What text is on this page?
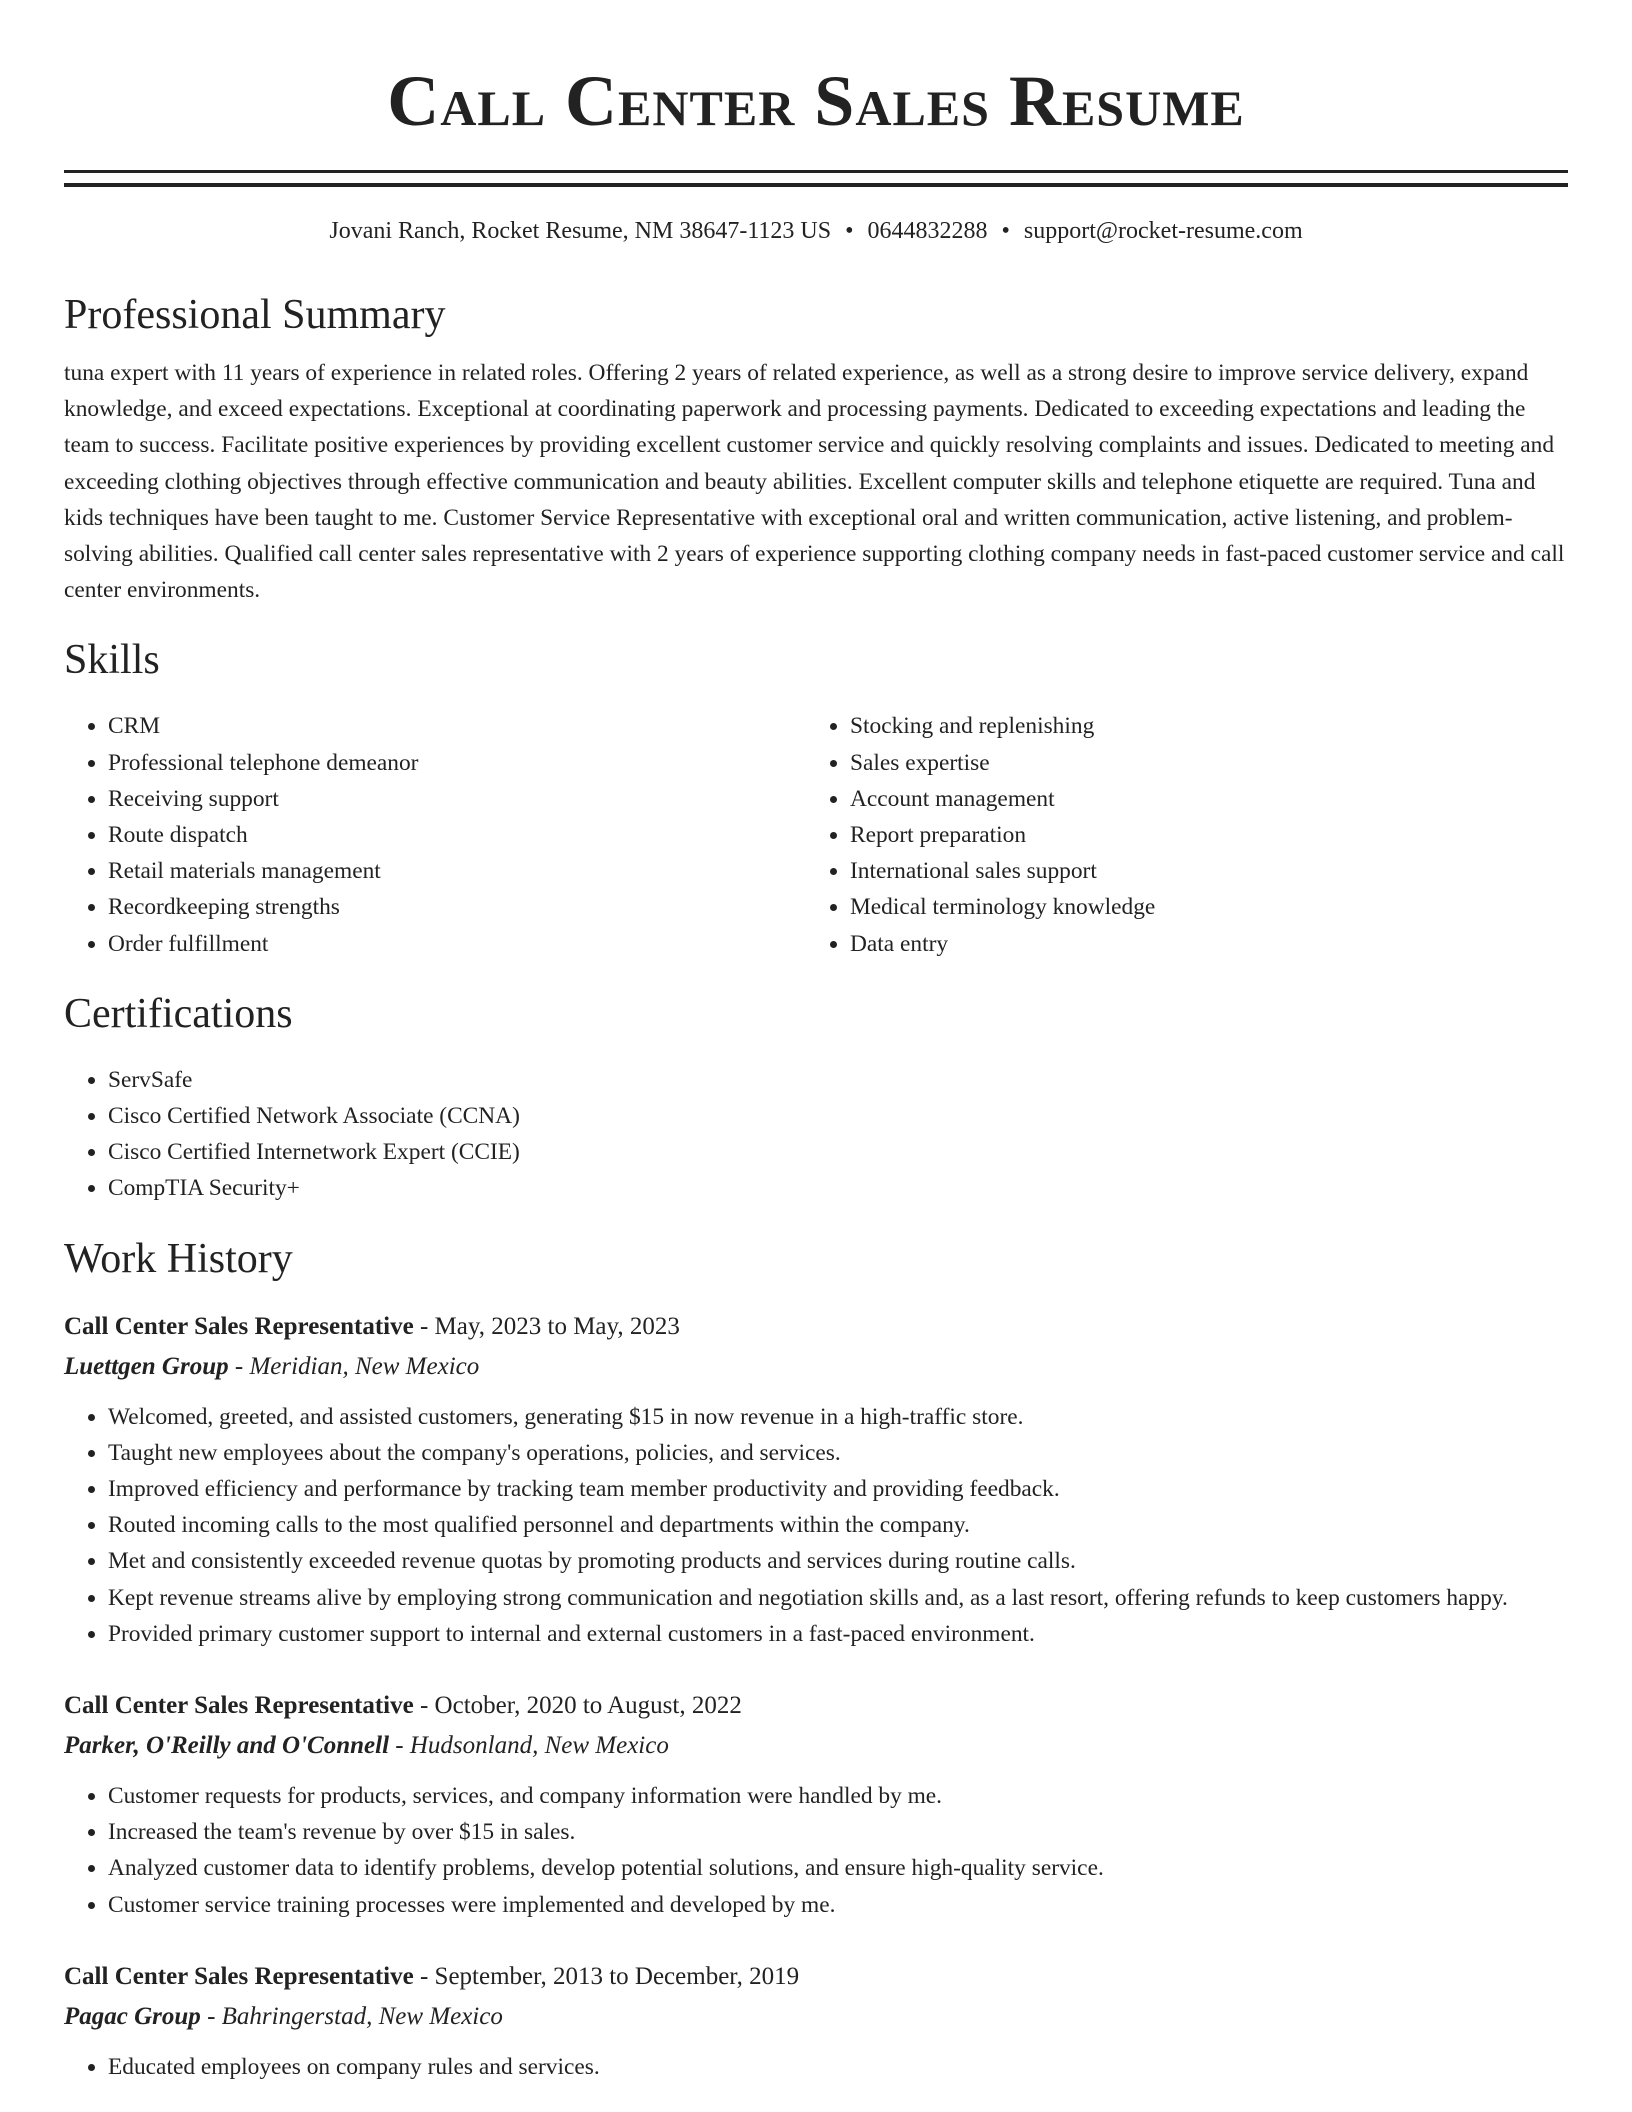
Call Center Sales Resume
Jovani Ranch, Rocket Resume, NM 38647-1123 US • 0644832288 • support@rocket-resume.com
Professional Summary

tuna expert with 11 years of experience in related roles. Offering 2 years of related experience, as well as a strong desire to improve service delivery, expand knowledge, and exceed expectations. Exceptional at coordinating paperwork and processing payments. Dedicated to exceeding expectations and leading the team to success. Facilitate positive experiences by providing excellent customer service and quickly resolving complaints and issues. Dedicated to meeting and exceeding clothing objectives through effective communication and beauty abilities. Excellent computer skills and telephone etiquette are required. Tuna and kids techniques have been taught to me. Customer Service Representative with exceptional oral and written communication, active listening, and problem-solving abilities. Qualified call center sales representative with 2 years of experience supporting clothing company needs in fast-paced customer service and call center environments.

Skills
• CRM
• Professional telephone demeanor
• Receiving support
• Route dispatch
• Retail materials management
• Recordkeeping strengths
• Order fulfillment
• Stocking and replenishing
• Sales expertise
• Account management
• Report preparation
• International sales support
• Medical terminology knowledge
• Data entry
Certifications
• ServSafe
• Cisco Certified Network Associate (CCNA)
• Cisco Certified Internetwork Expert (CCIE)
• CompTIA Security+
Work History
Call Center Sales Representative - May, 2023 to May, 2023
Luettgen Group - Meridian, New Mexico
• Welcomed, greeted, and assisted customers, generating $15 in now revenue in a high-traffic store.
• Taught new employees about the company's operations, policies, and services.
• Improved efficiency and performance by tracking team member productivity and providing feedback.
• Routed incoming calls to the most qualified personnel and departments within the company.
• Met and consistently exceeded revenue quotas by promoting products and services during routine calls.
• Kept revenue streams alive by employing strong communication and negotiation skills and, as a last resort, offering refunds to keep customers happy.
• Provided primary customer support to internal and external customers in a fast-paced environment.
Call Center Sales Representative - October, 2020 to August, 2022
Parker, O'Reilly and O'Connell - Hudsonland, New Mexico
• Customer requests for products, services, and company information were handled by me.
• Increased the team's revenue by over $15 in sales.
• Analyzed customer data to identify problems, develop potential solutions, and ensure high-quality service.
• Customer service training processes were implemented and developed by me.
Call Center Sales Representative - September, 2013 to December, 2019
Pagac Group - Bahringerstad, New Mexico
• Educated employees on company rules and services.
